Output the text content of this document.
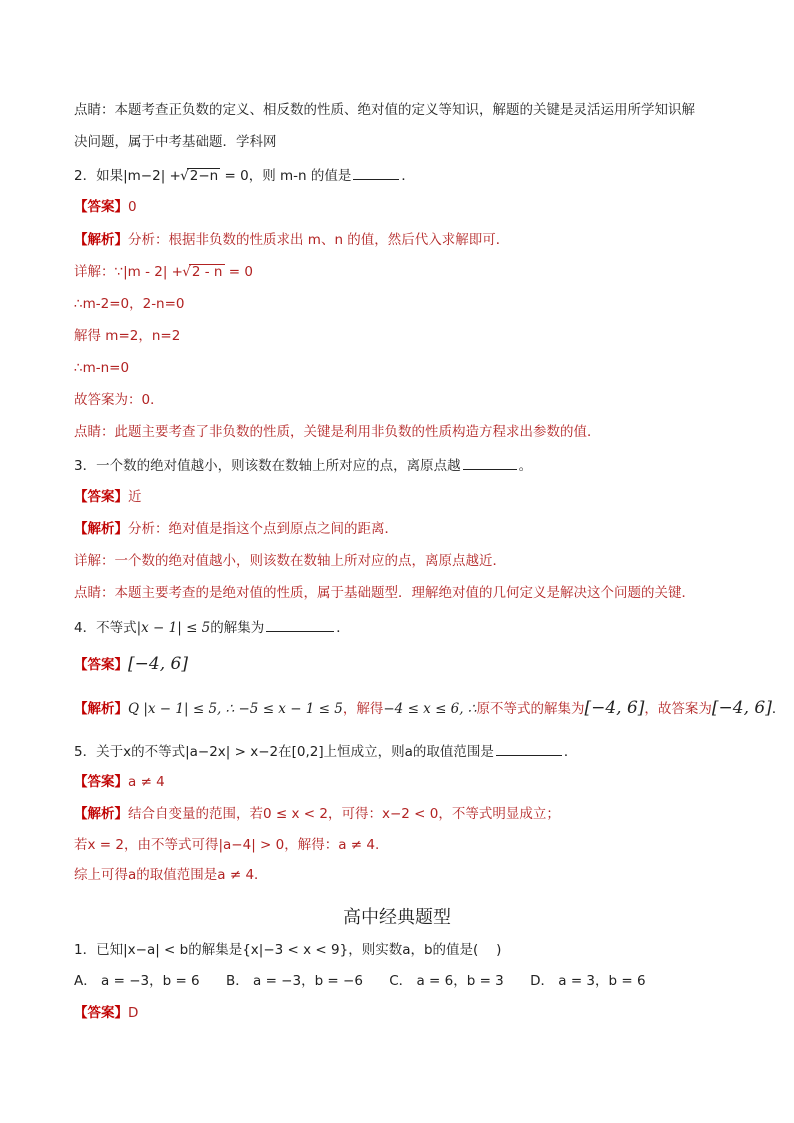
点睛：本题考查正负数的定义、相反数的性质、绝对值的定义等知识，解题的关键是灵活运用所学知识解
决问题，属于中考基础题．学科网
2．如果|m−2| + √ 2−n = 0，则 m-n 的值是	．
【答案】0
【解析】分析：根据非负数的性质求出 m、n 的值，然后代入求解即可．
详解：∵|m - 2| + √ 2 - n = 0
∴m-2=0，2-n=0
解得 m=2，n=2
∴m-n=0
故答案为：0．
点睛：此题主要考查了非负数的性质，关键是利用非负数的性质构造方程求出参数的值．
3．一个数的绝对值越小，则该数在数轴上所对应的点，离原点越	。
【答案】近
【解析】分析：绝对值是指这个点到原点之间的距离．
详解：一个数的绝对值越小，则该数在数轴上所对应的点，离原点越近．
点睛：本题主要考查的是绝对值的性质，属于基础题型．理解绝对值的几何定义是解决这个问题的关键．
4．不等式|x − 1| ≤ 5的解集为	．
【答案】[−4, 6]
【解析】Q |x − 1| ≤ 5, ∴ −5 ≤ x − 1 ≤ 5，解得−4 ≤ x ≤ 6, ∴原不等式的解集为[−4, 6]，故答案为[−4, 6]．
5．关于x的不等式|a−2x| > x−2在[0,2]上恒成立，则a的取值范围是	．
【答案】a ≠ 4
【解析】结合自变量的范围，若0 ≤ x < 2，可得：x−2 < 0，不等式明显成立；
若x = 2，由不等式可得|a−4| > 0，解得：a ≠ 4.
综上可得a的取值范围是a ≠ 4．
高中经典题型
1．已知|x−a| < b的解集是{x|−3 < x < 9}，则实数a，b的值是(　 )
A． a = −3，b = 6 B． a = −3，b = −6 C． a = 6，b = 3 D． a = 3，b = 6
【答案】D
